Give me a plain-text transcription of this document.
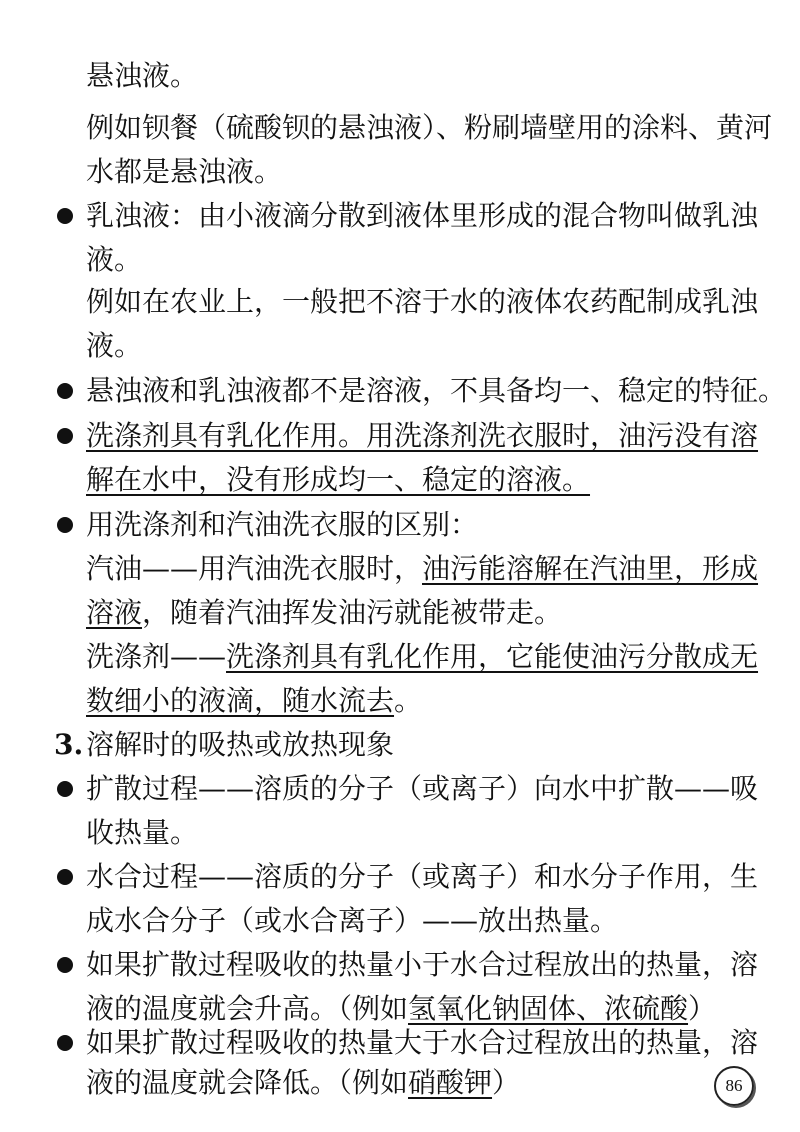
悬浊液。
例如钡餐（硫酸钡的悬浊液）、粉刷墙壁用的涂料、黄河
水都是悬浊液。
乳浊液：由小液滴分散到液体里形成的混合物叫做乳浊
液。
例如在农业上，一般把不溶于水的液体农药配制成乳浊
液。
悬浊液和乳浊液都不是溶液，不具备均一、稳定的特征。
洗涤剂具有乳化作用。用洗涤剂洗衣服时，油污没有溶
解在水中，没有形成均一、稳定的溶液。
用洗涤剂和汽油洗衣服的区别：
汽油——用汽油洗衣服时，油污能溶解在汽油里，形成
溶液，随着汽油挥发油污就能被带走。
洗涤剂——洗涤剂具有乳化作用，它能使油污分散成无
数细小的液滴，随水流去。
3. 溶解时的吸热或放热现象
扩散过程——溶质的分子（或离子）向水中扩散——吸
收热量。
水合过程——溶质的分子（或离子）和水分子作用，生
成水合分子（或水合离子）——放出热量。
如果扩散过程吸收的热量小于水合过程放出的热量，溶
液的温度就会升高。（例如氢氧化钠固体、浓硫酸）
如果扩散过程吸收的热量大于水合过程放出的热量，溶
液的温度就会降低。（例如硝酸钾）	86
